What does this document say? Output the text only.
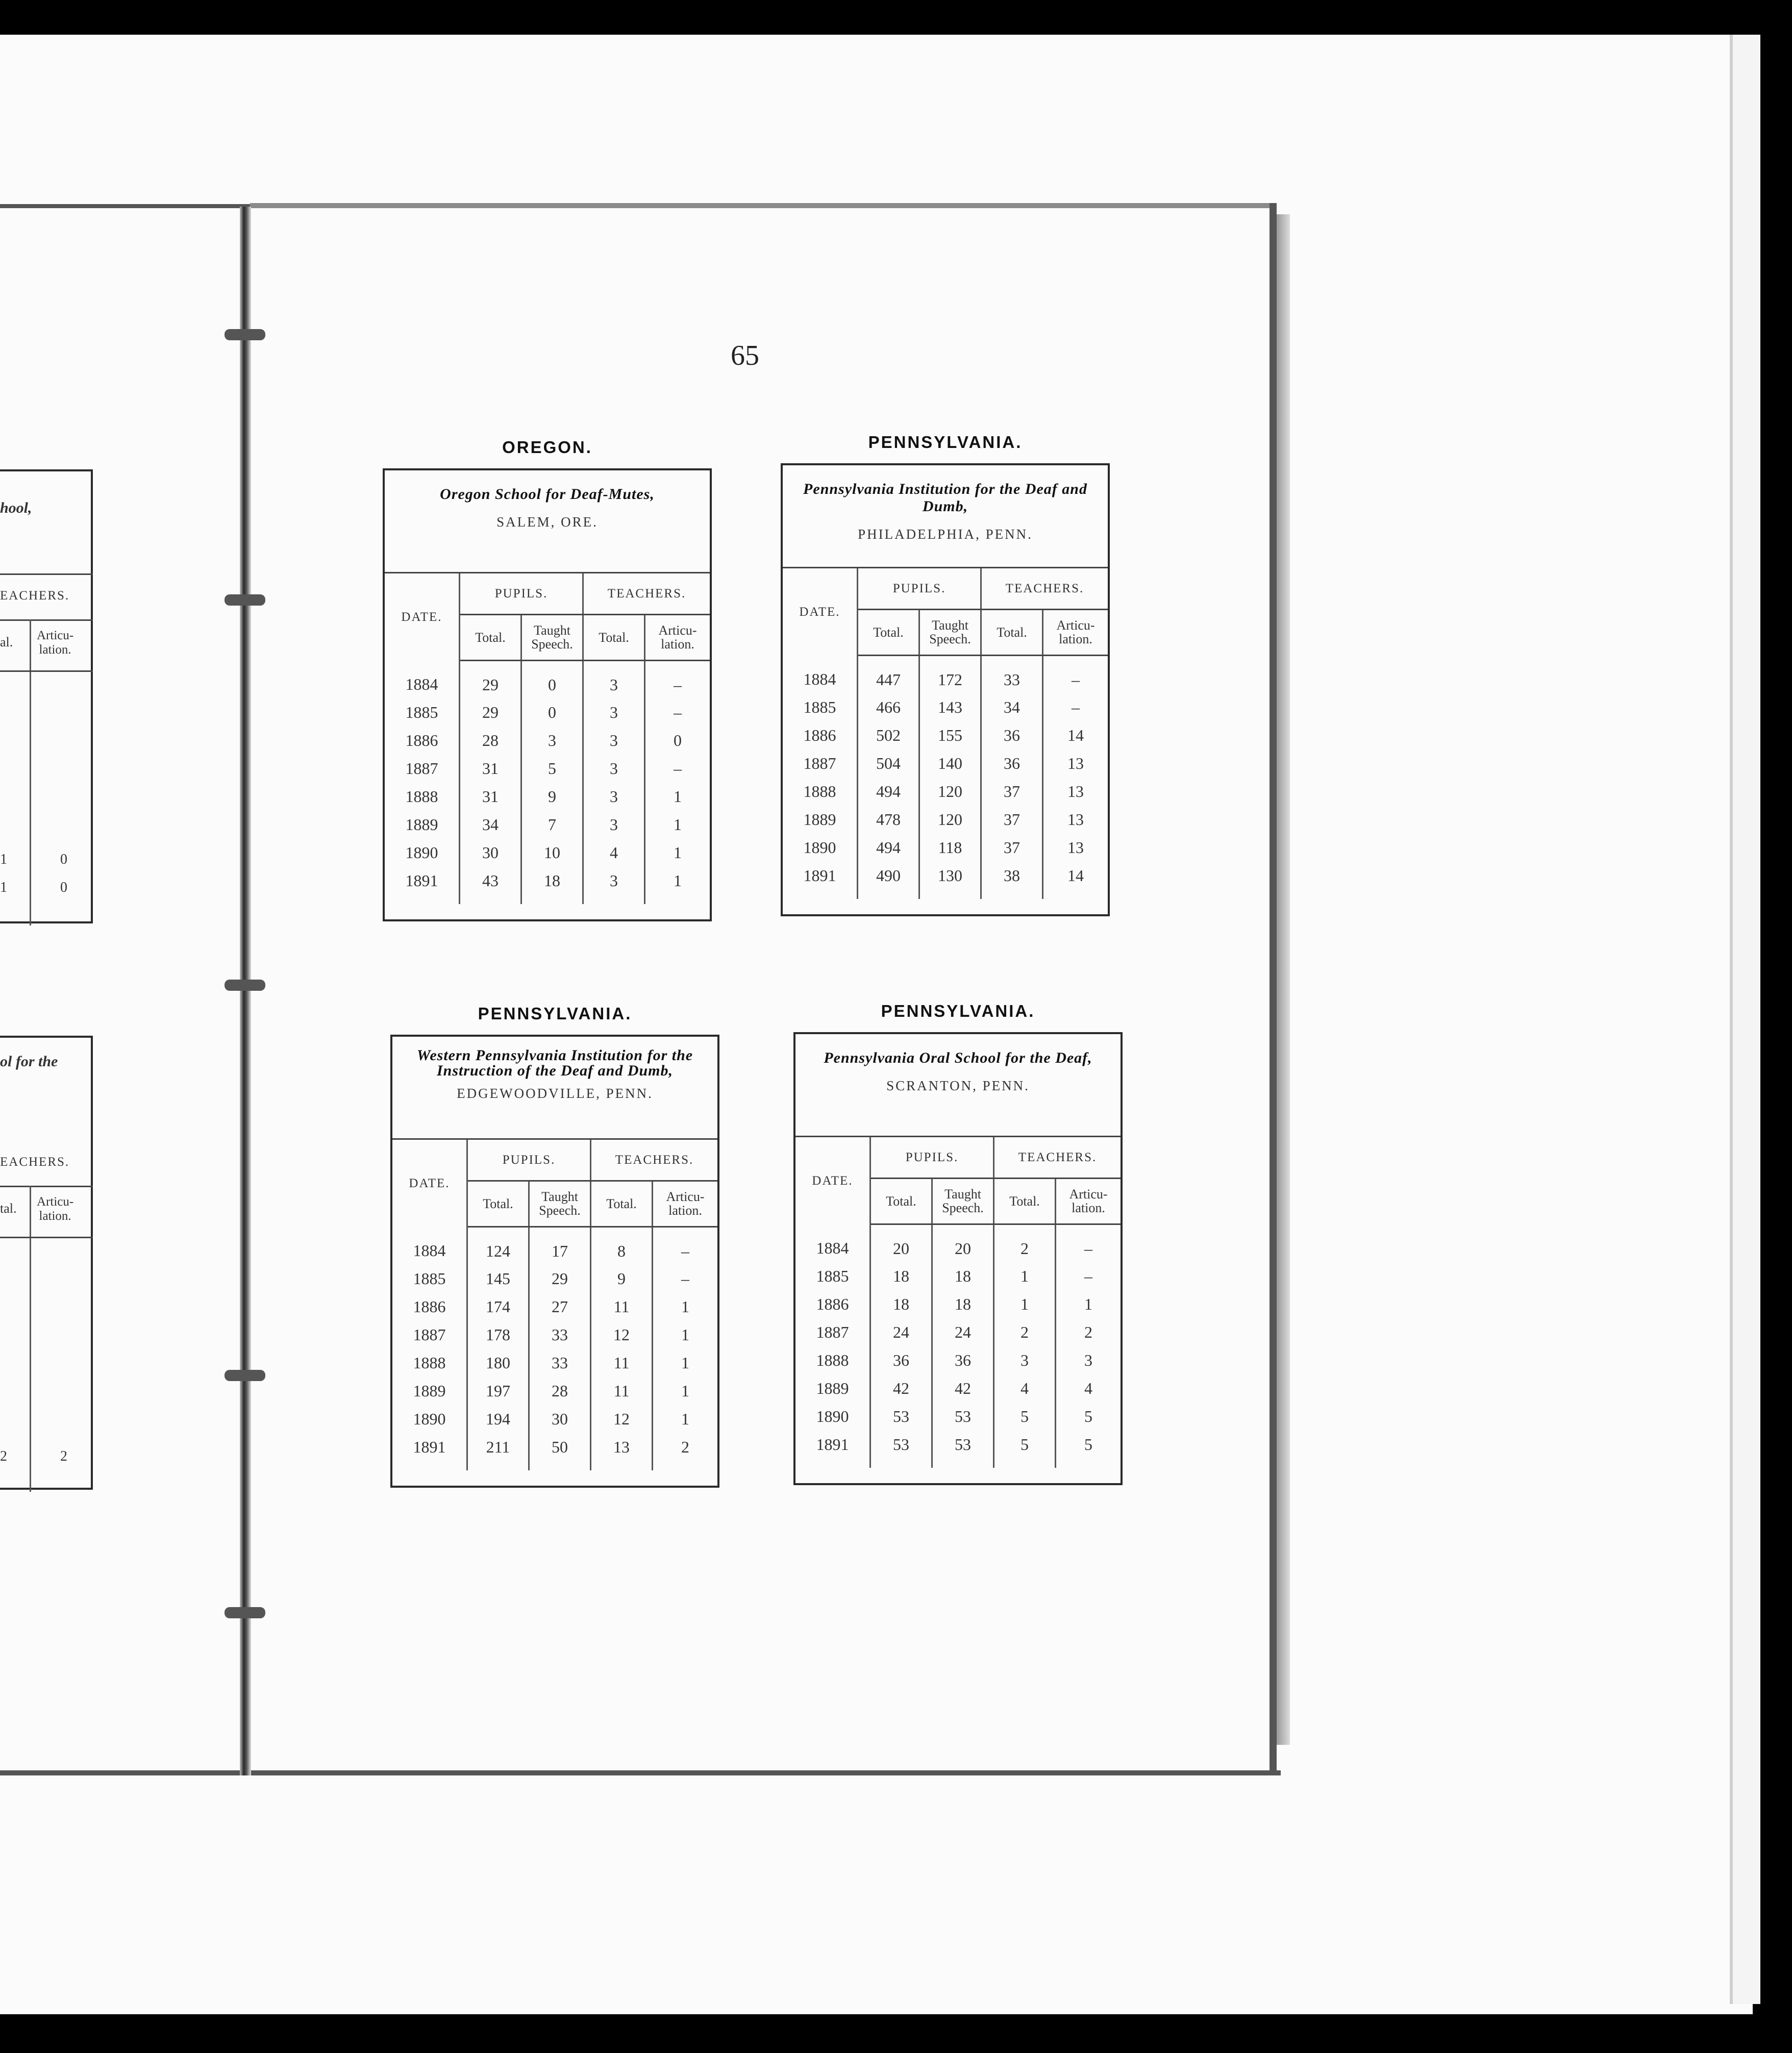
hool,
EACHERS.
al. Articu-
lation.
1	0
1	0
ol for the
EACHERS.
tal. Articu-
lation.
2	2
65
OREGON.
Oregon School for Deaf-Mutes,
SALEM, ORE.
DATE.	PUPILS.		TEACHERS.	
	Total.	Taught Speech.	Total.	Articu- lation.
1884	29	0	3	–
1885	29	0	3	–
1886	28	3	3	0
1887	31	5	3	–
1888	31	9	3	1
1889	34	7	3	1
1890	30	10	4	1
1891	43	18	3	1
PENNSYLVANIA.
Pennsylvania Institution for the Deaf and Dumb,
PHILADELPHIA, PENN.
DATE.	PUPILS.		TEACHERS.	
	Total.	Taught Speech.	Total.	Articu- lation.
1884	447	172	33	–
1885	466	143	34	–
1886	502	155	36	14
1887	504	140	36	13
1888	494	120	37	13
1889	478	120	37	13
1890	494	118	37	13
1891	490	130	38	14
PENNSYLVANIA.
Western Pennsylvania Institution for the Instruction of the Deaf and Dumb,
EDGEWOODVILLE, PENN.
DATE.	PUPILS.		TEACHERS.	
	Total.	Taught Speech.	Total.	Articu- lation.
1884	124	17	8	–
1885	145	29	9	–
1886	174	27	11	1
1887	178	33	12	1
1888	180	33	11	1
1889	197	28	11	1
1890	194	30	12	1
1891	211	50	13	2
PENNSYLVANIA.
Pennsylvania Oral School for the Deaf,
SCRANTON, PENN.
DATE.	PUPILS.		TEACHERS.	
	Total.	Taught Speech.	Total.	Articu- lation.
1884	20	20	2	–
1885	18	18	1	–
1886	18	18	1	1
1887	24	24	2	2
1888	36	36	3	3
1889	42	42	4	4
1890	53	53	5	5
1891	53	53	5	5
